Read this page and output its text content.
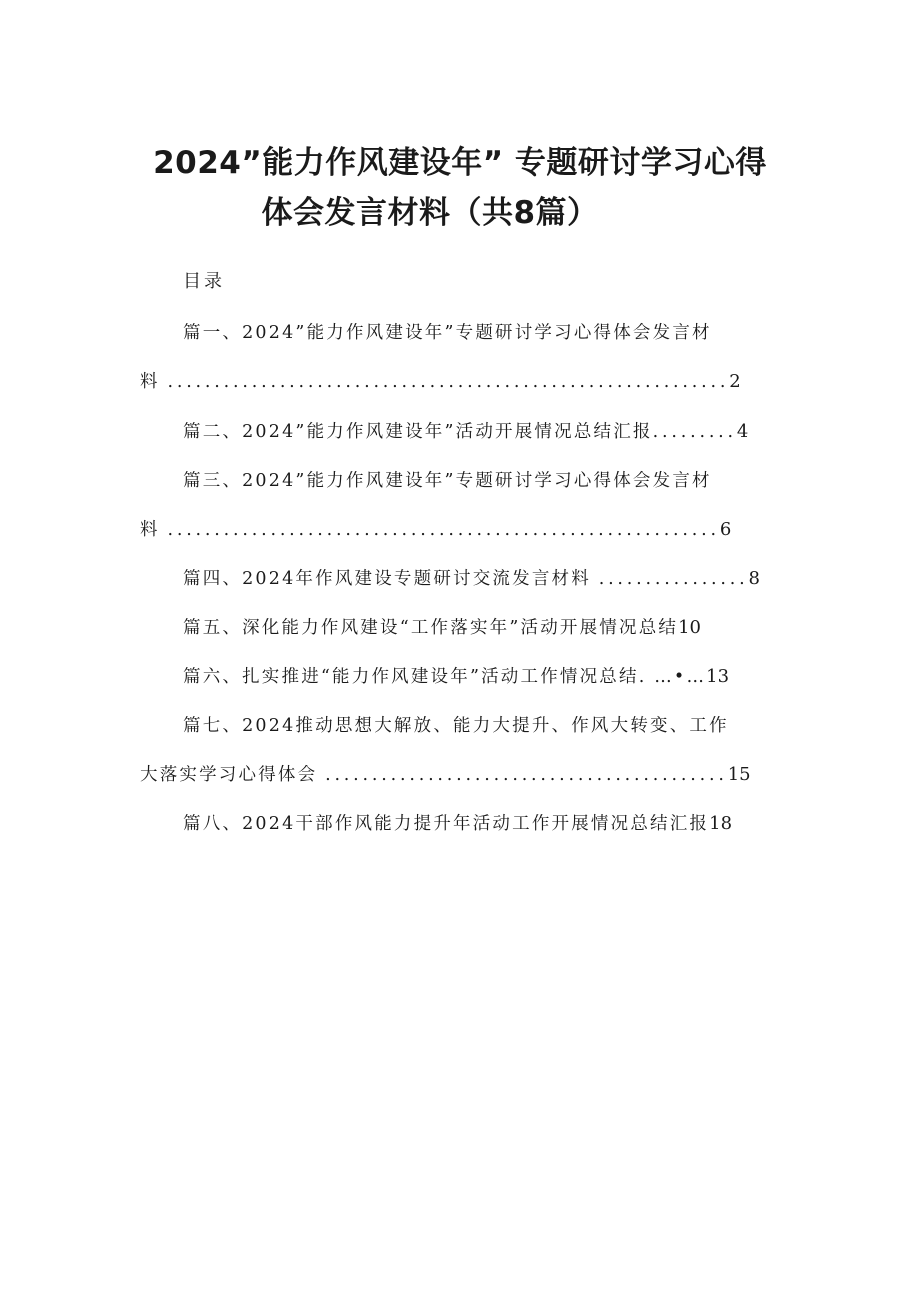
2024”能力作风建设年” 专题研讨学习心得
体会发言材料（共8篇）
目录
篇一、2024”能力作风建设年”专题研讨学习心得体会发言材
料 ............................................................2
篇二、2024”能力作风建设年”活动开展情况总结汇报.........4
篇三、2024”能力作风建设年”专题研讨学习心得体会发言材
料 ...........................................................6
篇四、2024年作风建设专题研讨交流发言材料 ................8
篇五、深化能力作风建设“工作落实年”活动开展情况总结10
篇六、扎实推进“能力作风建设年”活动工作情况总结. …•…13
篇七、2024推动思想大解放、能力大提升、作风大转变、工作
大落实学习心得体会 ...........................................15
篇八、2024干部作风能力提升年活动工作开展情况总结汇报18
